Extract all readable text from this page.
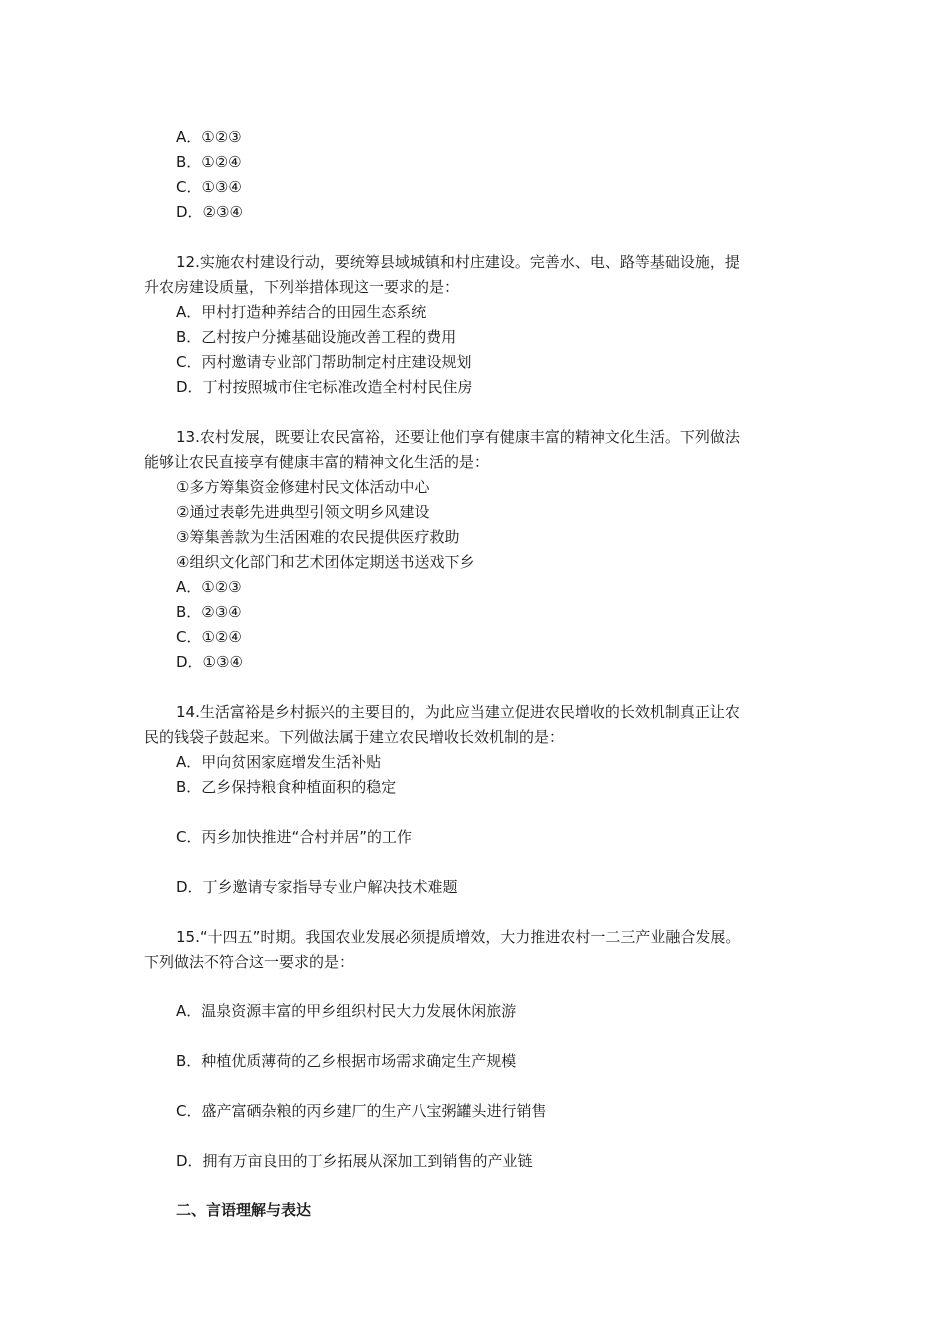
A．①②③
B．①②④
C．①③④
D．②③④
12.实施农村建设行动，要统筹县域城镇和村庄建设。完善水、电、路等基础设施，提
升农房建设质量，下列举措体现这一要求的是：
A．甲村打造种养结合的田园生态系统
B．乙村按户分摊基础设施改善工程的费用
C．丙村邀请专业部门帮助制定村庄建设规划
D．丁村按照城市住宅标准改造全村村民住房
13.农村发展，既要让农民富裕，还要让他们享有健康丰富的精神文化生活。下列做法
能够让农民直接享有健康丰富的精神文化生活的是：
①多方筹集资金修建村民文体活动中心
②通过表彰先进典型引领文明乡风建设
③筹集善款为生活困难的农民提供医疗救助
④组织文化部门和艺术团体定期送书送戏下乡
A．①②③
B．②③④
C．①②④
D．①③④
14.生活富裕是乡村振兴的主要目的，为此应当建立促进农民增收的长效机制真正让农
民的钱袋子鼓起来。下列做法属于建立农民增收长效机制的是：
A．甲向贫困家庭增发生活补贴
B．乙乡保持粮食种植面积的稳定
C．丙乡加快推进“合村并居”的工作
D．丁乡邀请专家指导专业户解决技术难题
15.“十四五”时期。我国农业发展必须提质增效，大力推进农村一二三产业融合发展。
下列做法不符合这一要求的是：
A．温泉资源丰富的甲乡组织村民大力发展休闲旅游
B．种植优质薄荷的乙乡根据市场需求确定生产规模
C．盛产富硒杂粮的丙乡建厂的生产八宝粥罐头进行销售
D．拥有万亩良田的丁乡拓展从深加工到销售的产业链
二、言语理解与表达
